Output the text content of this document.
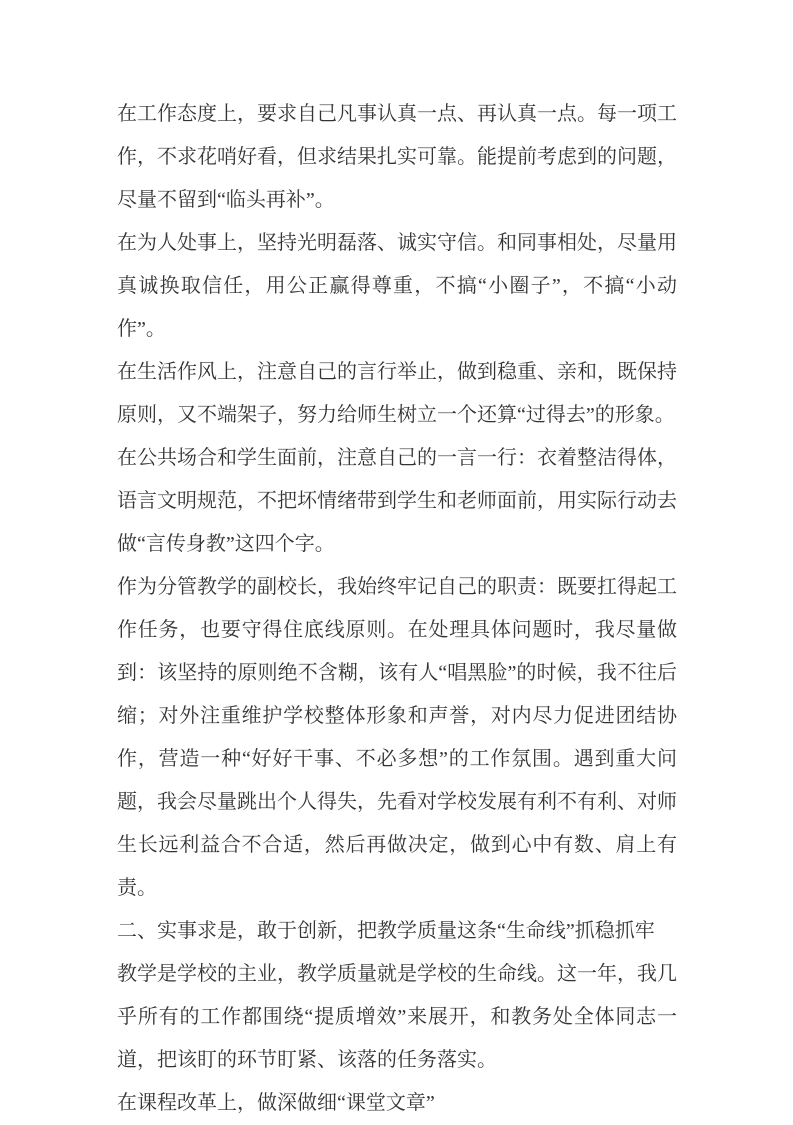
在工作态度上，要求自己凡事认真一点、再认真一点。每一项工作，不求花哨好看，但求结果扎实可靠。能提前考虑到的问题，尽量不留到“临头再补”。

在为人处事上，坚持光明磊落、诚实守信。和同事相处，尽量用真诚换取信任，用公正赢得尊重，不搞“小圈子”，不搞“小动作”。

在生活作风上，注意自己的言行举止，做到稳重、亲和，既保持原则，又不端架子，努力给师生树立一个还算“过得去”的形象。

在公共场合和学生面前，注意自己的一言一行：衣着整洁得体，语言文明规范，不把坏情绪带到学生和老师面前，用实际行动去做“言传身教”这四个字。

作为分管教学的副校长，我始终牢记自己的职责：既要扛得起工作任务，也要守得住底线原则。在处理具体问题时，我尽量做到：该坚持的原则绝不含糊，该有人“唱黑脸”的时候，我不往后缩；对外注重维护学校整体形象和声誉，对内尽力促进团结协作，营造一种“好好干事、不必多想”的工作氛围。遇到重大问题，我会尽量跳出个人得失，先看对学校发展有利不有利、对师生长远利益合不合适，然后再做决定，做到心中有数、肩上有责。

二、实事求是，敢于创新，把教学质量这条“生命线”抓稳抓牢

教学是学校的主业，教学质量就是学校的生命线。这一年，我几乎所有的工作都围绕“提质增效”来展开，和教务处全体同志一道，把该盯的环节盯紧、该落的任务落实。

在课程改革上，做深做细“课堂文章”
